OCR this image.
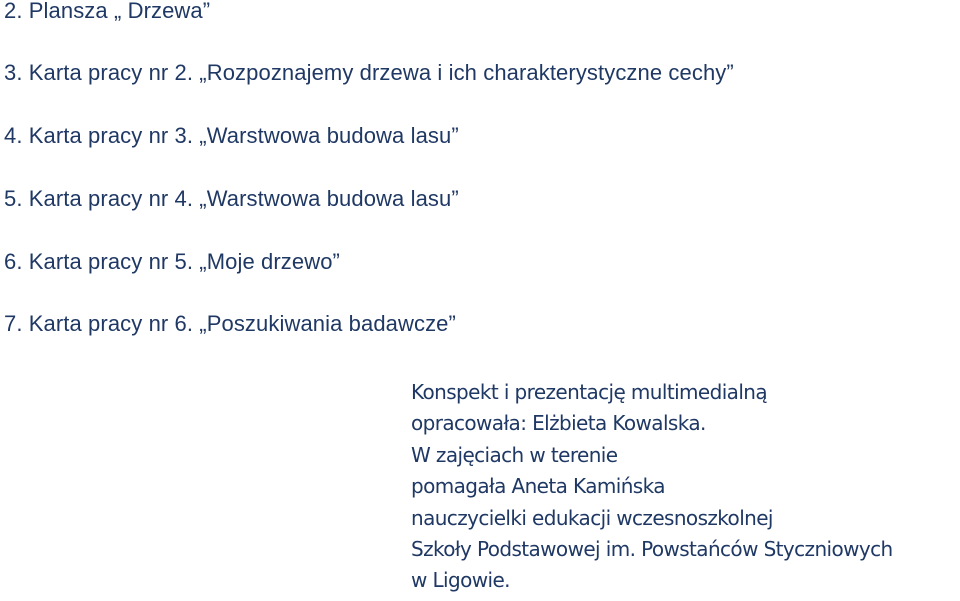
2. Plansza „ Drzewa”
3. Karta pracy nr 2. „Rozpoznajemy drzewa i ich charakterystyczne cechy”
4. Karta pracy nr 3. „Warstwowa budowa lasu”
5. Karta pracy nr 4. „Warstwowa budowa lasu”
6. Karta pracy nr 5. „Moje drzewo”
7. Karta pracy nr 6. „Poszukiwania badawcze”
Konspekt i prezentację multimedialną
opracowała: Elżbieta Kowalska.
W zajęciach w terenie
pomagała Aneta Kamińska
nauczycielki edukacji wczesnoszkolnej
Szkoły Podstawowej im. Powstańców Styczniowych
w Ligowie.
